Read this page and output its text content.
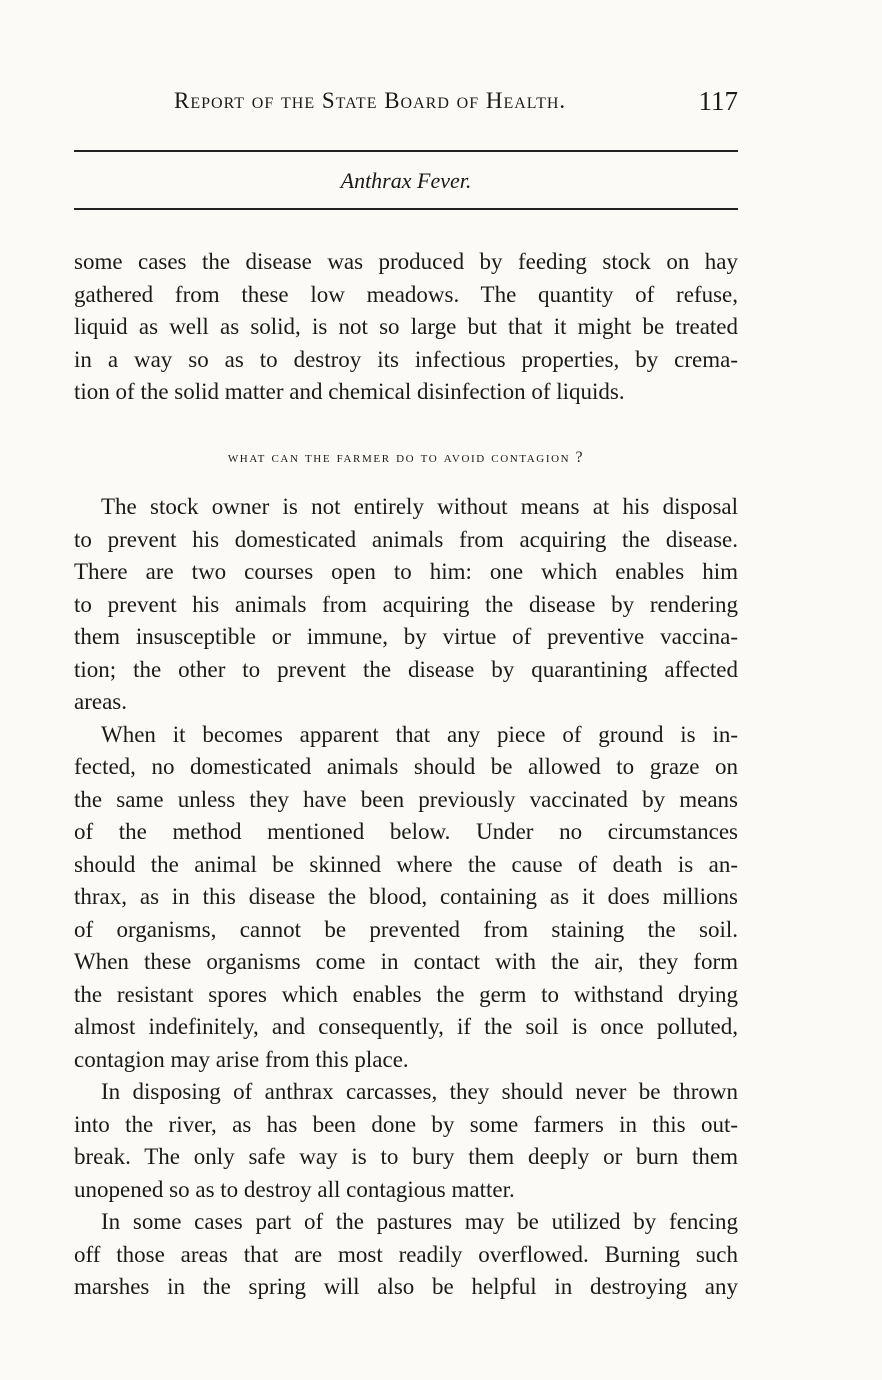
Report of the State Board of Health.	117
Anthrax Fever.
some cases the disease was produced by feeding stock on hay
gathered from these low meadows. The quantity of refuse,
liquid as well as solid, is not so large but that it might be treated
in a way so as to destroy its infectious properties, by crema-
tion of the solid matter and chemical disinfection of liquids.
what can the farmer do to avoid contagion ?
The stock owner is not entirely without means at his disposal
to prevent his domesticated animals from acquiring the disease.
There are two courses open to him: one which enables him
to prevent his animals from acquiring the disease by rendering
them insusceptible or immune, by virtue of preventive vaccina-
tion; the other to prevent the disease by quarantining affected
areas.
When it becomes apparent that any piece of ground is in-
fected, no domesticated animals should be allowed to graze on
the same unless they have been previously vaccinated by means
of the method mentioned below. Under no circumstances
should the animal be skinned where the cause of death is an-
thrax, as in this disease the blood, containing as it does millions
of organisms, cannot be prevented from staining the soil.
When these organisms come in contact with the air, they form
the resistant spores which enables the germ to withstand drying
almost indefinitely, and consequently, if the soil is once polluted,
contagion may arise from this place.
In disposing of anthrax carcasses, they should never be thrown
into the river, as has been done by some farmers in this out-
break. The only safe way is to bury them deeply or burn them
unopened so as to destroy all contagious matter.
In some cases part of the pastures may be utilized by fencing
off those areas that are most readily overflowed. Burning such
marshes in the spring will also be helpful in destroying any
